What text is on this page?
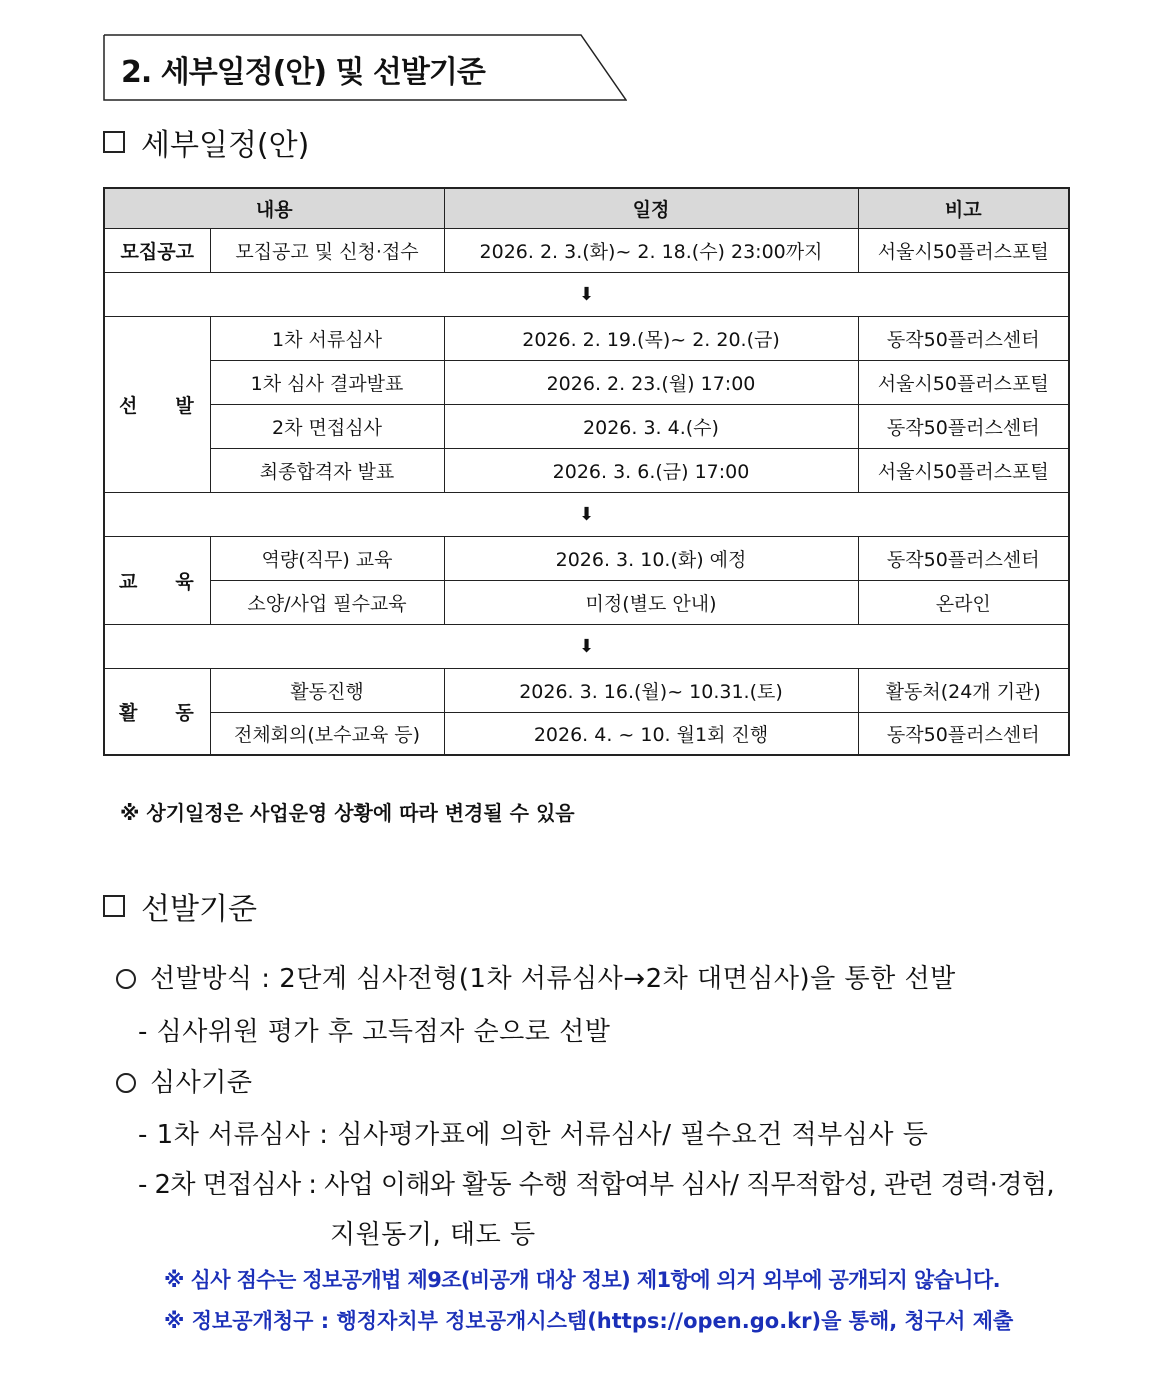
2. 세부일정(안) 및 선발기준
세부일정(안)
내용		일정	비고
모집공고	모집공고 및 신청·접수	2026. 2. 3.(화)~ 2. 18.(수) 23:00까지	서울시50플러스포털
⬇			
선　　발	1차 서류심사	2026. 2. 19.(목)~ 2. 20.(금)	동작50플러스센터
	1차 심사 결과발표	2026. 2. 23.(월) 17:00	서울시50플러스포털
	2차 면접심사	2026. 3. 4.(수)	동작50플러스센터
	최종합격자 발표	2026. 3. 6.(금) 17:00	서울시50플러스포털
⬇			
교　　육	역량(직무) 교육	2026. 3. 10.(화) 예정	동작50플러스센터
	소양/사업 필수교육	미정(별도 안내)	온라인
⬇			
활　　동	활동진행	2026. 3. 16.(월)~ 10.31.(토)	활동처(24개 기관)
	전체회의(보수교육 등)	2026. 4. ~ 10. 월1회 진행	동작50플러스센터
※ 상기일정은 사업운영 상황에 따라 변경될 수 있음
선발기준
선발방식 : 2단계 심사전형(1차 서류심사→2차 대면심사)을 통한 선발
- 심사위원 평가 후 고득점자 순으로 선발
심사기준
- 1차 서류심사 : 심사평가표에 의한 서류심사/ 필수요건 적부심사 등
- 2차 면접심사 : 사업 이해와 활동 수행 적합여부 심사/ 직무적합성, 관련 경력·경험,
지원동기, 태도 등
※ 심사 점수는 정보공개법 제9조(비공개 대상 정보) 제1항에 의거 외부에 공개되지 않습니다.
※ 정보공개청구 : 행정자치부 정보공개시스템(https://open.go.kr)을 통해, 청구서 제출
